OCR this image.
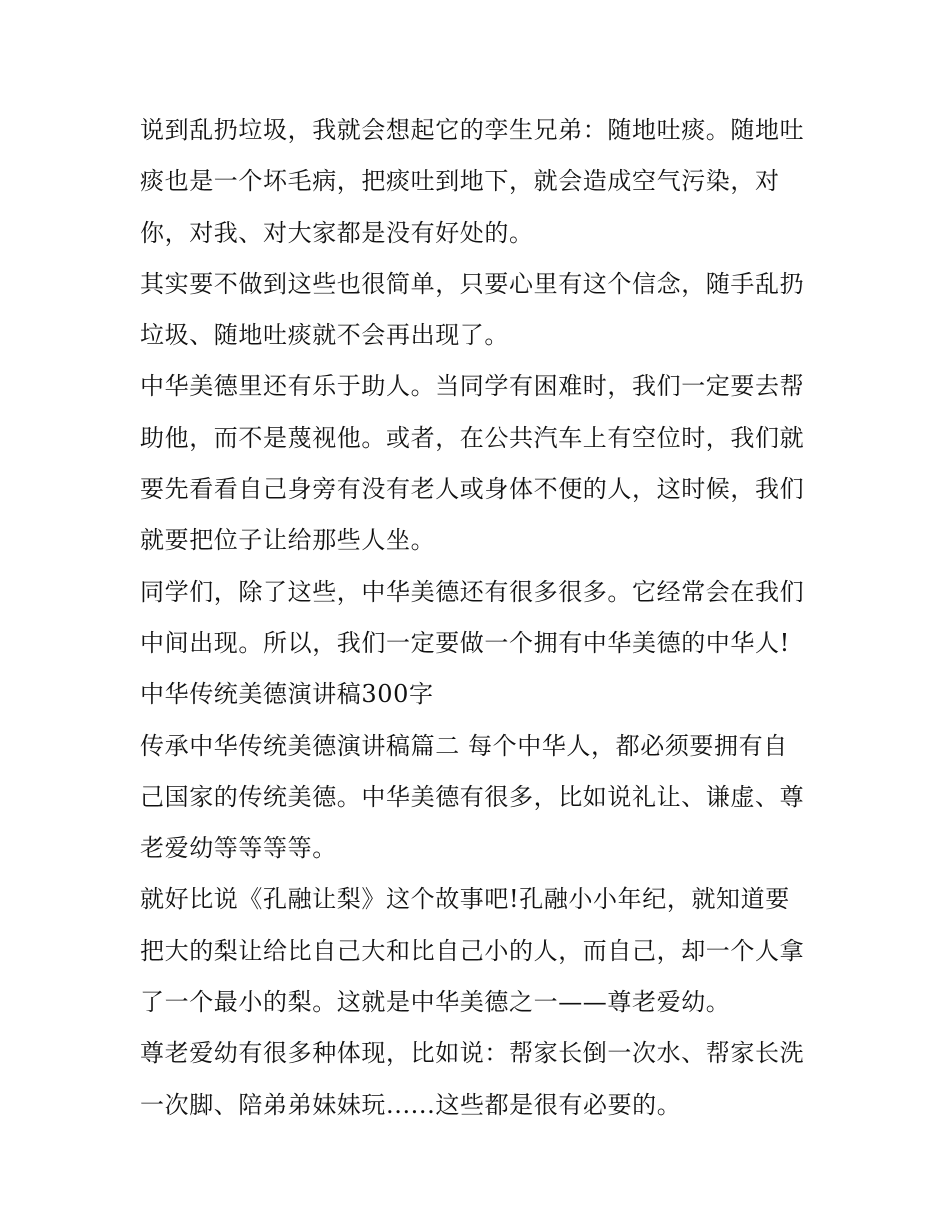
说到乱扔垃圾，我就会想起它的孪生兄弟：随地吐痰。随地吐
痰也是一个坏毛病，把痰吐到地下，就会造成空气污染，对
你，对我、对大家都是没有好处的。
其实要不做到这些也很简单，只要心里有这个信念，随手乱扔
垃圾、随地吐痰就不会再出现了。
中华美德里还有乐于助人。当同学有困难时，我们一定要去帮
助他，而不是蔑视他。或者，在公共汽车上有空位时，我们就
要先看看自己身旁有没有老人或身体不便的人，这时候，我们
就要把位子让给那些人坐。
同学们，除了这些，中华美德还有很多很多。它经常会在我们
中间出现。所以，我们一定要做一个拥有中华美德的中华人!
中华传统美德演讲稿300字
传承中华传统美德演讲稿篇二 每个中华人，都必须要拥有自
己国家的传统美德。中华美德有很多，比如说礼让、谦虚、尊
老爱幼等等等等。
就好比说《孔融让梨》这个故事吧!孔融小小年纪，就知道要
把大的梨让给比自己大和比自己小的人，而自己，却一个人拿
了一个最小的梨。这就是中华美德之一——尊老爱幼。
尊老爱幼有很多种体现，比如说：帮家长倒一次水、帮家长洗
一次脚、陪弟弟妹妹玩......这些都是很有必要的。
